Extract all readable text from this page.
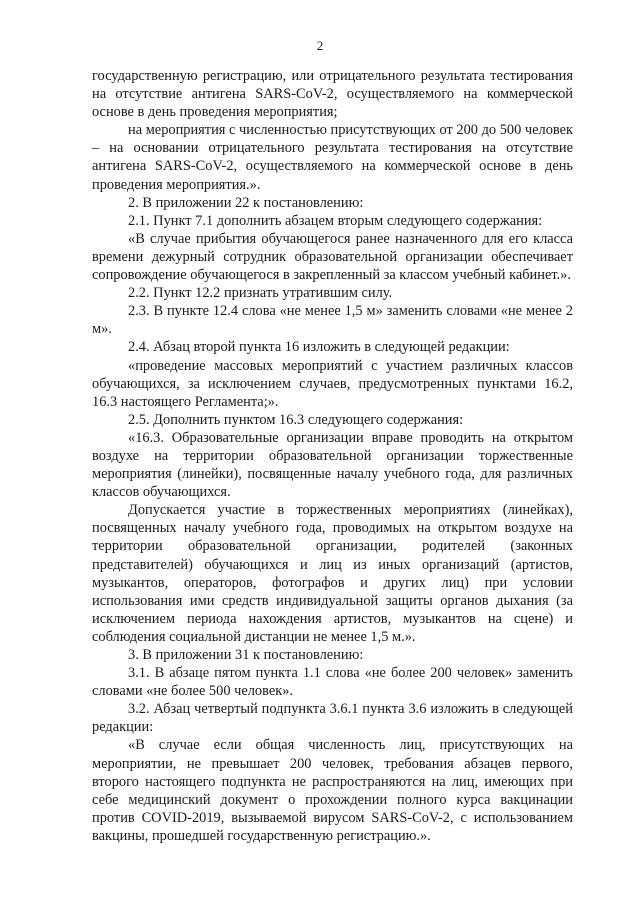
2

государственную регистрацию, или отрицательного результата тестирования на отсутствие антигена SARS-CoV-2, осуществляемого на коммерческой основе в день проведения мероприятия;

на мероприятия с численностью присутствующих от 200 до 500 человек – на основании отрицательного результата тестирования на отсутствие антигена SARS-CoV-2, осуществляемого на коммерческой основе в день проведения мероприятия.».

2. В приложении 22 к постановлению:

2.1. Пункт 7.1 дополнить абзацем вторым следующего содержания:

«В случае прибытия обучающегося ранее назначенного для его класса времени дежурный сотрудник образовательной организации обеспечивает сопровождение обучающегося в закрепленный за классом учебный кабинет.».

2.2. Пункт 12.2 признать утратившим силу.

2.3. В пункте 12.4 слова «не менее 1,5 м» заменить словами «не менее 2 м».

2.4. Абзац второй пункта 16 изложить в следующей редакции:

«проведение массовых мероприятий с участием различных классов обучающихся, за исключением случаев, предусмотренных пунктами 16.2, 16.3 настоящего Регламента;».

2.5. Дополнить пунктом 16.3 следующего содержания:

«16.3. Образовательные организации вправе проводить на открытом воздухе на территории образовательной организации торжественные мероприятия (линейки), посвященные началу учебного года, для различных классов обучающихся.

Допускается участие в торжественных мероприятиях (линейках), посвященных началу учебного года, проводимых на открытом воздухе на территории образовательной организации, родителей (законных представителей) обучающихся и лиц из иных организаций (артистов, музыкантов, операторов, фотографов и других лиц) при условии использования ими средств индивидуальной защиты органов дыхания (за исключением периода нахождения артистов, музыкантов на сцене) и соблюдения социальной дистанции не менее 1,5 м.».

3. В приложении 31 к постановлению:

3.1. В абзаце пятом пункта 1.1 слова «не более 200 человек» заменить словами «не более 500 человек».

3.2. Абзац четвертый подпункта 3.6.1 пункта 3.6 изложить в следующей редакции:

«В случае если общая численность лиц, присутствующих на мероприятии, не превышает 200 человек, требования абзацев первого, второго настоящего подпункта не распространяются на лиц, имеющих при себе медицинский документ о прохождении полного курса вакцинации против COVID-2019, вызываемой вирусом SARS-CoV-2, с использованием вакцины, прошедшей государственную регистрацию.».
